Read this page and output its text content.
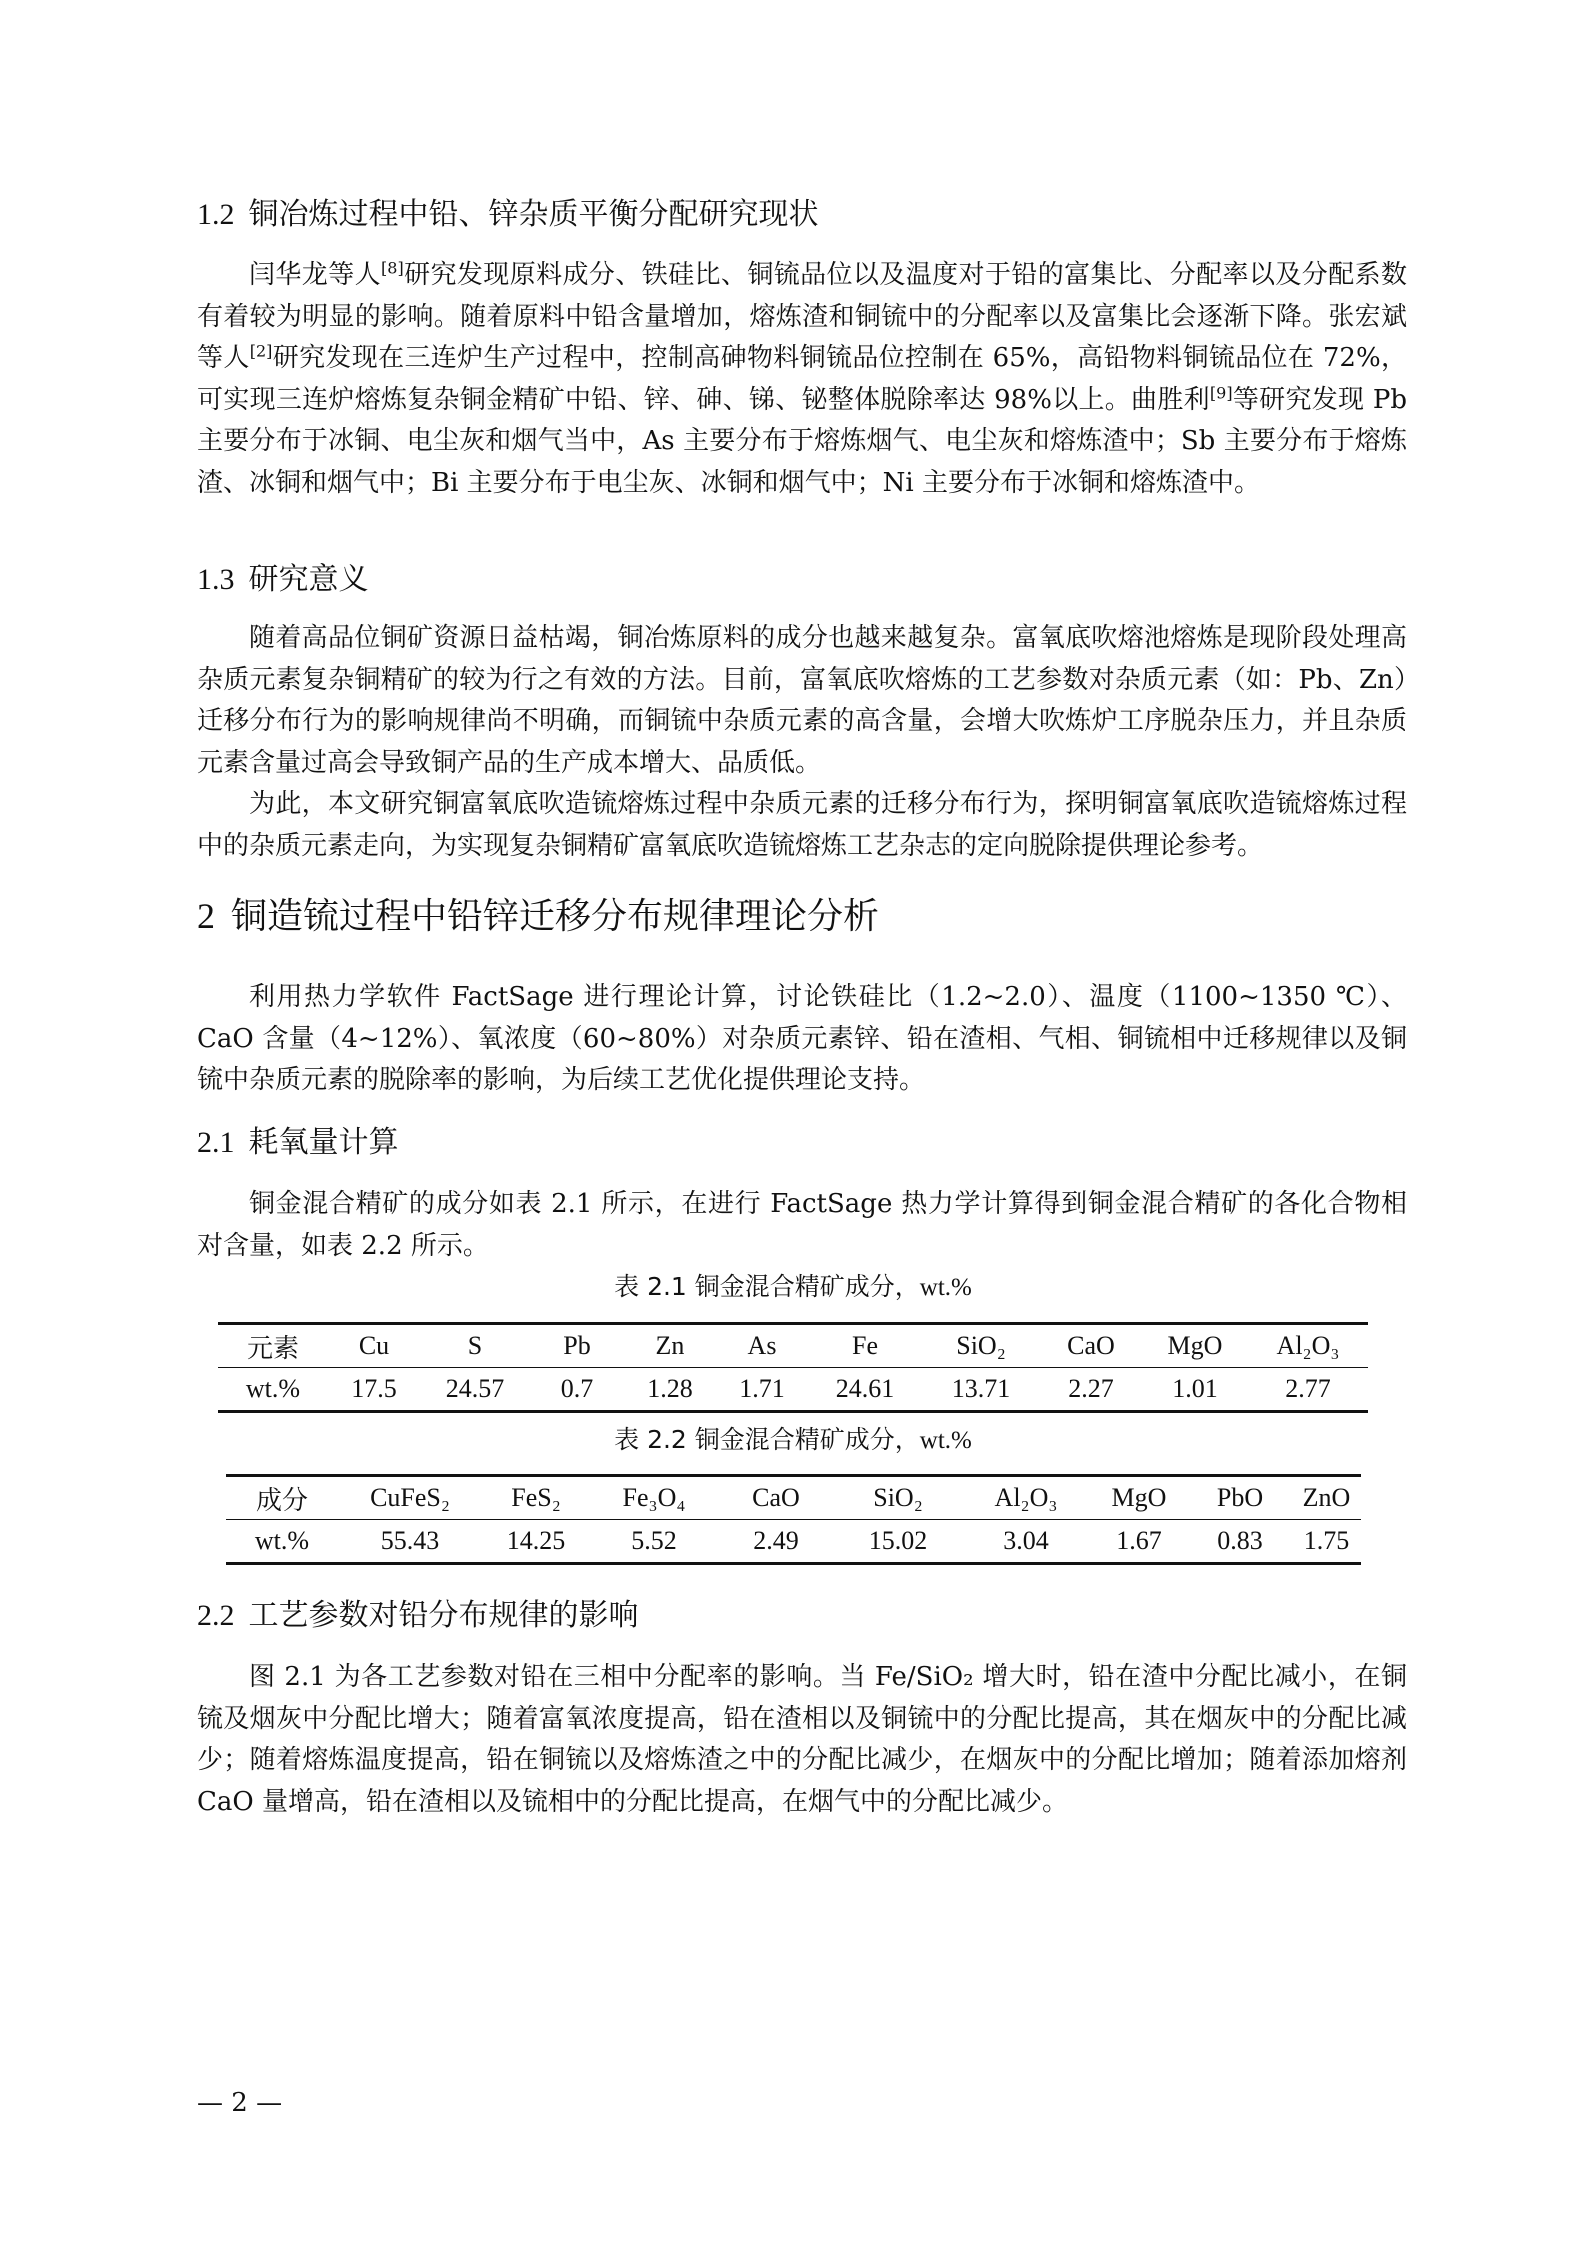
1.2 铜冶炼过程中铅、锌杂质平衡分配研究现状

闫华龙等人[8]研究发现原料成分、铁硅比、铜锍品位以及温度对于铅的富集比、分配率以及分配系数有着较为明显的影响。随着原料中铅含量增加，熔炼渣和铜锍中的分配率以及富集比会逐渐下降。张宏斌等人[2]研究发现在三连炉生产过程中，控制高砷物料铜锍品位控制在 65%，高铅物料铜锍品位在 72%，可实现三连炉熔炼复杂铜金精矿中铅、锌、砷、锑、铋整体脱除率达 98%以上。曲胜利[9]等研究发现 Pb 主要分布于冰铜、电尘灰和烟气当中，As 主要分布于熔炼烟气、电尘灰和熔炼渣中；Sb 主要分布于熔炼渣、冰铜和烟气中；Bi 主要分布于电尘灰、冰铜和烟气中；Ni 主要分布于冰铜和熔炼渣中。

1.3 研究意义

随着高品位铜矿资源日益枯竭，铜冶炼原料的成分也越来越复杂。富氧底吹熔池熔炼是现阶段处理高杂质元素复杂铜精矿的较为行之有效的方法。目前，富氧底吹熔炼的工艺参数对杂质元素（如：Pb、Zn）迁移分布行为的影响规律尚不明确，而铜锍中杂质元素的高含量，会增大吹炼炉工序脱杂压力，并且杂质元素含量过高会导致铜产品的生产成本增大、品质低。

为此，本文研究铜富氧底吹造锍熔炼过程中杂质元素的迁移分布行为，探明铜富氧底吹造锍熔炼过程中的杂质元素走向，为实现复杂铜精矿富氧底吹造锍熔炼工艺杂志的定向脱除提供理论参考。

2 铜造锍过程中铅锌迁移分布规律理论分析

利用热力学软件 FactSage 进行理论计算，讨论铁硅比（1.2~2.0）、温度（1100~1350 ℃）、CaO 含量（4~12%）、氧浓度（60~80%）对杂质元素锌、铅在渣相、气相、铜锍相中迁移规律以及铜锍中杂质元素的脱除率的影响，为后续工艺优化提供理论支持。

2.1 耗氧量计算

铜金混合精矿的成分如表 2.1 所示，在进行 FactSage 热力学计算得到铜金混合精矿的各化合物相对含量，如表 2.2 所示。

表 2.1 铜金混合精矿成分，wt.%
元素	Cu	S	Pb	Zn	As	Fe	SiO₂	CaO	MgO	Al₂O₃
wt.%	17.5	24.57	0.7	1.28	1.71	24.61	13.71	2.27	1.01	2.77
表 2.2 铜金混合精矿成分，wt.%
成分	CuFeS₂	FeS₂	Fe₃O₄	CaO	SiO₂	Al₂O₃	MgO	PbO	ZnO
wt.%	55.43	14.25	5.52	2.49	15.02	3.04	1.67	0.83	1.75
2.2 工艺参数对铅分布规律的影响

图 2.1 为各工艺参数对铅在三相中分配率的影响。当 Fe/SiO₂ 增大时，铅在渣中分配比减小，在铜锍及烟灰中分配比增大；随着富氧浓度提高，铅在渣相以及铜锍中的分配比提高，其在烟灰中的分配比减少；随着熔炼温度提高，铅在铜锍以及熔炼渣之中的分配比减少，在烟灰中的分配比增加；随着添加熔剂 CaO 量增高，铅在渣相以及锍相中的分配比提高，在烟气中的分配比减少。

— 2 —
